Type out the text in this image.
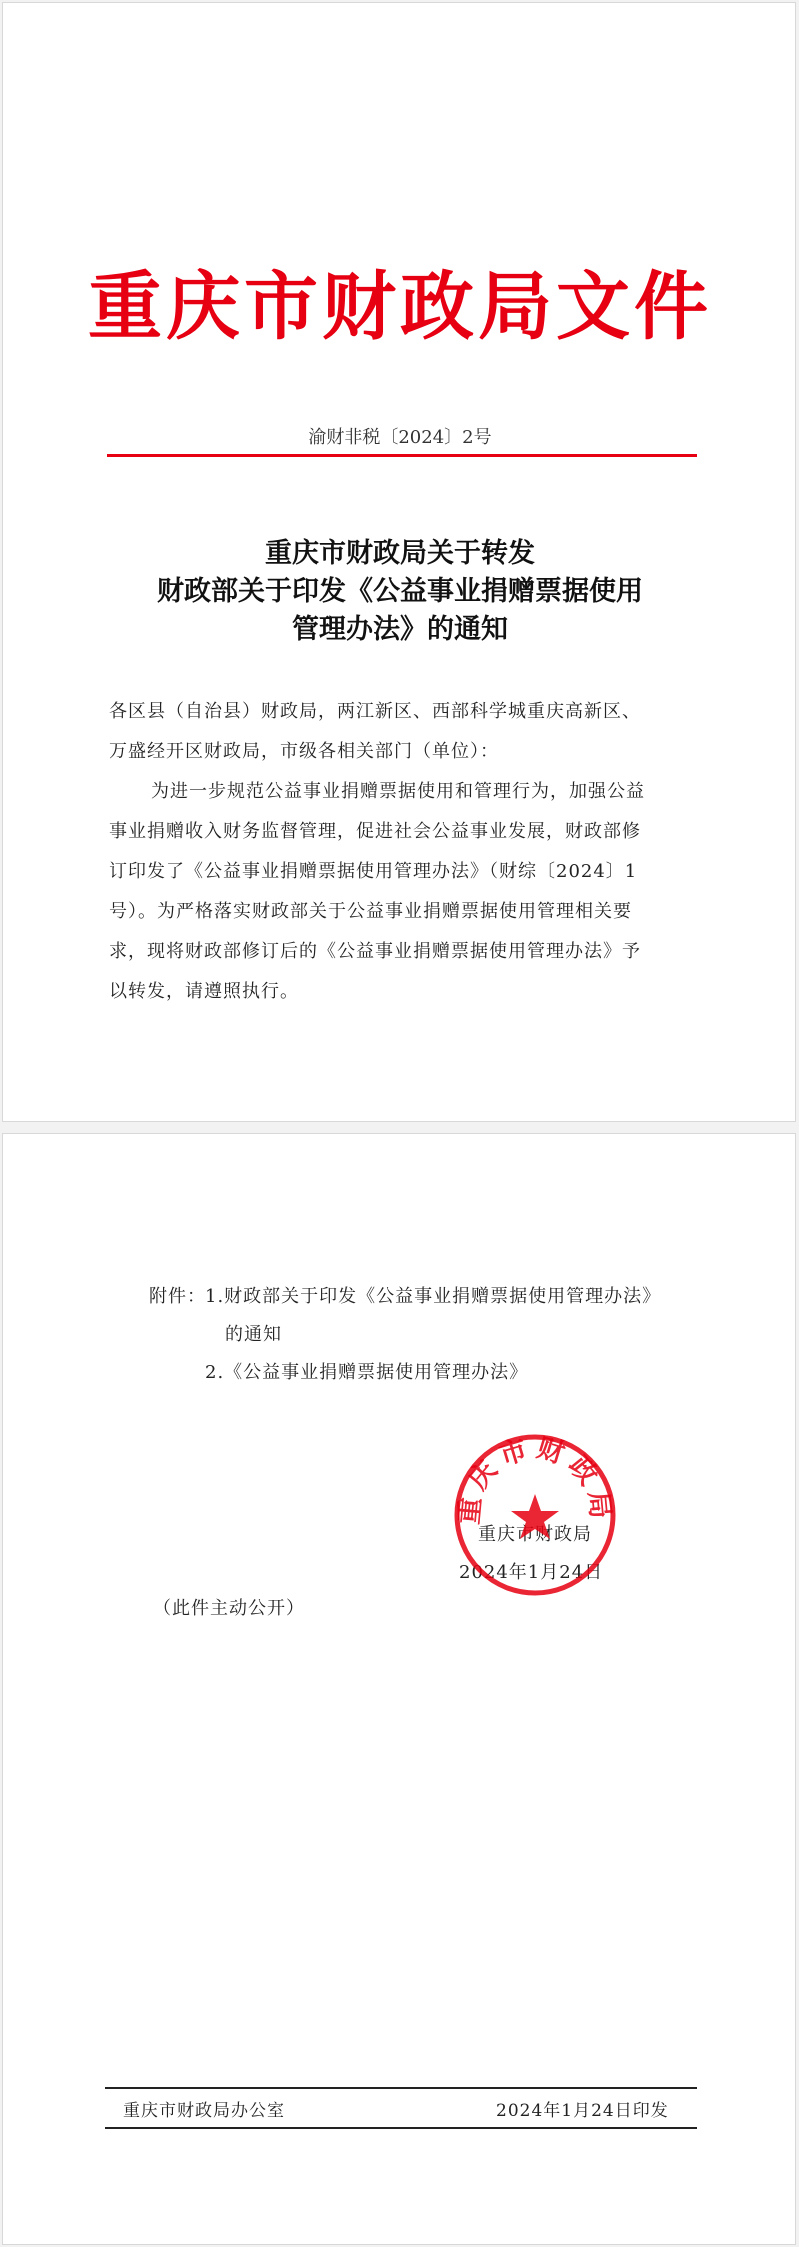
重庆市财政局文件
渝财非税〔2024〕2号
重庆市财政局关于转发
财政部关于印发《公益事业捐赠票据使用
管理办法》的通知
各区县（自治县）财政局，两江新区、西部科学城重庆高新区、
万盛经开区财政局，市级各相关部门（单位）：
为进一步规范公益事业捐赠票据使用和管理行为，加强公益
事业捐赠收入财务监督管理，促进社会公益事业发展，财政部修
订印发了《公益事业捐赠票据使用管理办法》（财综〔2024〕1
号）。为严格落实财政部关于公益事业捐赠票据使用管理相关要
求，现将财政部修订后的《公益事业捐赠票据使用管理办法》予
以转发，请遵照执行。
附件： 1.财政部关于印发《公益事业捐赠票据使用管理办法》
的通知
2.《公益事业捐赠票据使用管理办法》
重庆市财政局
2024年1月24日
（此件主动公开）
重庆市财政局办公室	2024年1月24日印发
重庆市财政局
